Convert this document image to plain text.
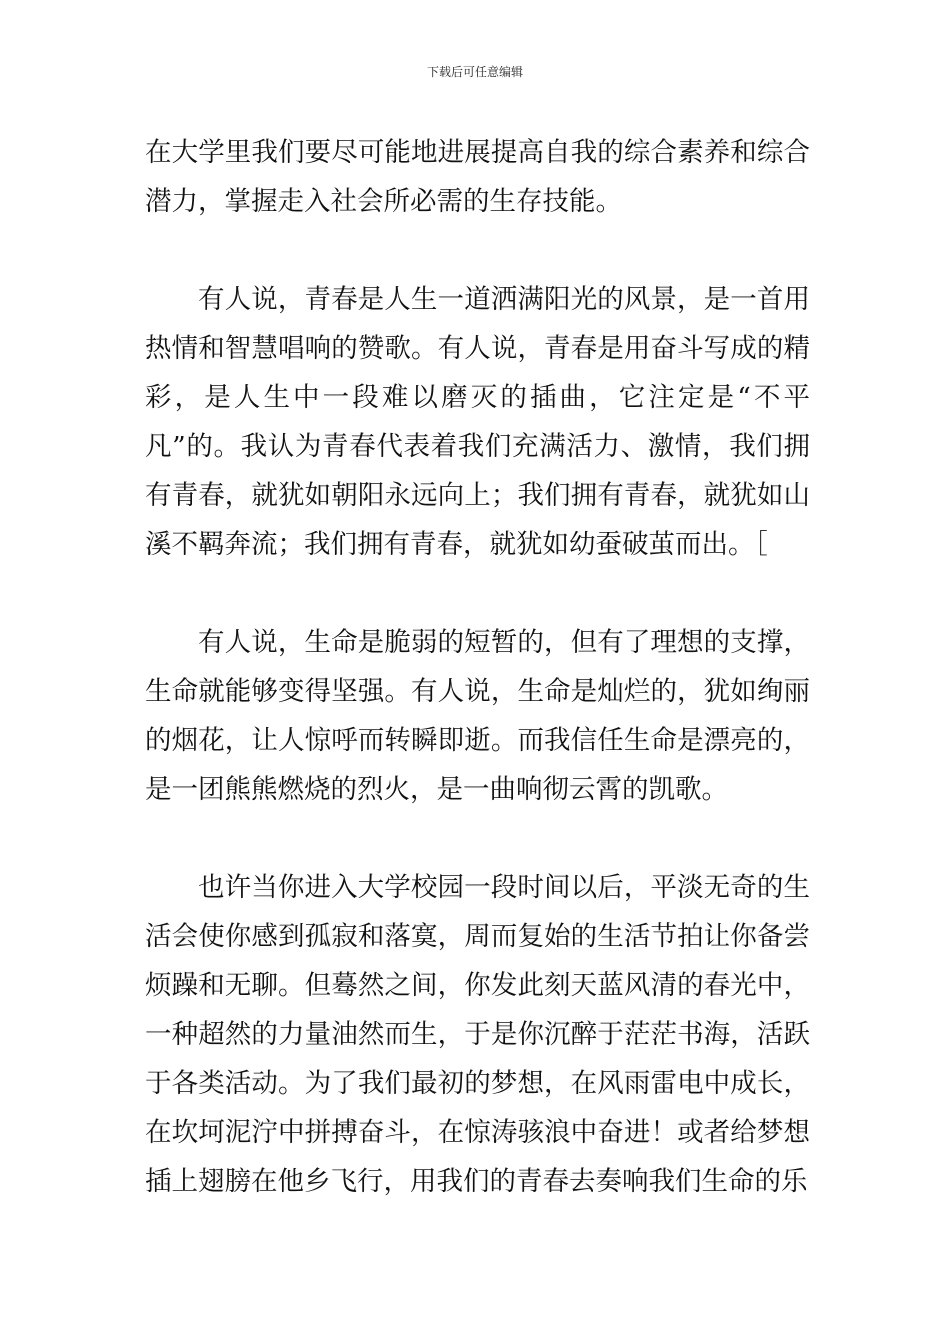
下载后可任意编辑

在大学里我们要尽可能地进展提高自我的综合素养和综合潜力，掌握走入社会所必需的生存技能。

有人说，青春是人生一道洒满阳光的风景，是一首用热情和智慧唱响的赞歌。有人说，青春是用奋斗写成的精彩，是人生中一段难以磨灭的插曲，它注定是“不平凡”的。我认为青春代表着我们充满活力、激情，我们拥有青春，就犹如朝阳永远向上；我们拥有青春，就犹如山溪不羁奔流；我们拥有青春，就犹如幼蚕破茧而出。［

有人说，生命是脆弱的短暂的，但有了理想的支撑，生命就能够变得坚强。有人说，生命是灿烂的，犹如绚丽的烟花，让人惊呼而转瞬即逝。而我信任生命是漂亮的，是一团熊熊燃烧的烈火，是一曲响彻云霄的凯歌。

也许当你进入大学校园一段时间以后，平淡无奇的生活会使你感到孤寂和落寞，周而复始的生活节拍让你备尝烦躁和无聊。但蓦然之间，你发此刻天蓝风清的春光中，一种超然的力量油然而生，于是你沉醉于茫茫书海，活跃于各类活动。为了我们最初的梦想，在风雨雷电中成长，在坎坷泥泞中拼搏奋斗，在惊涛骇浪中奋进！或者给梦想插上翅膀在他乡飞行，用我们的青春去奏响我们生命的乐
